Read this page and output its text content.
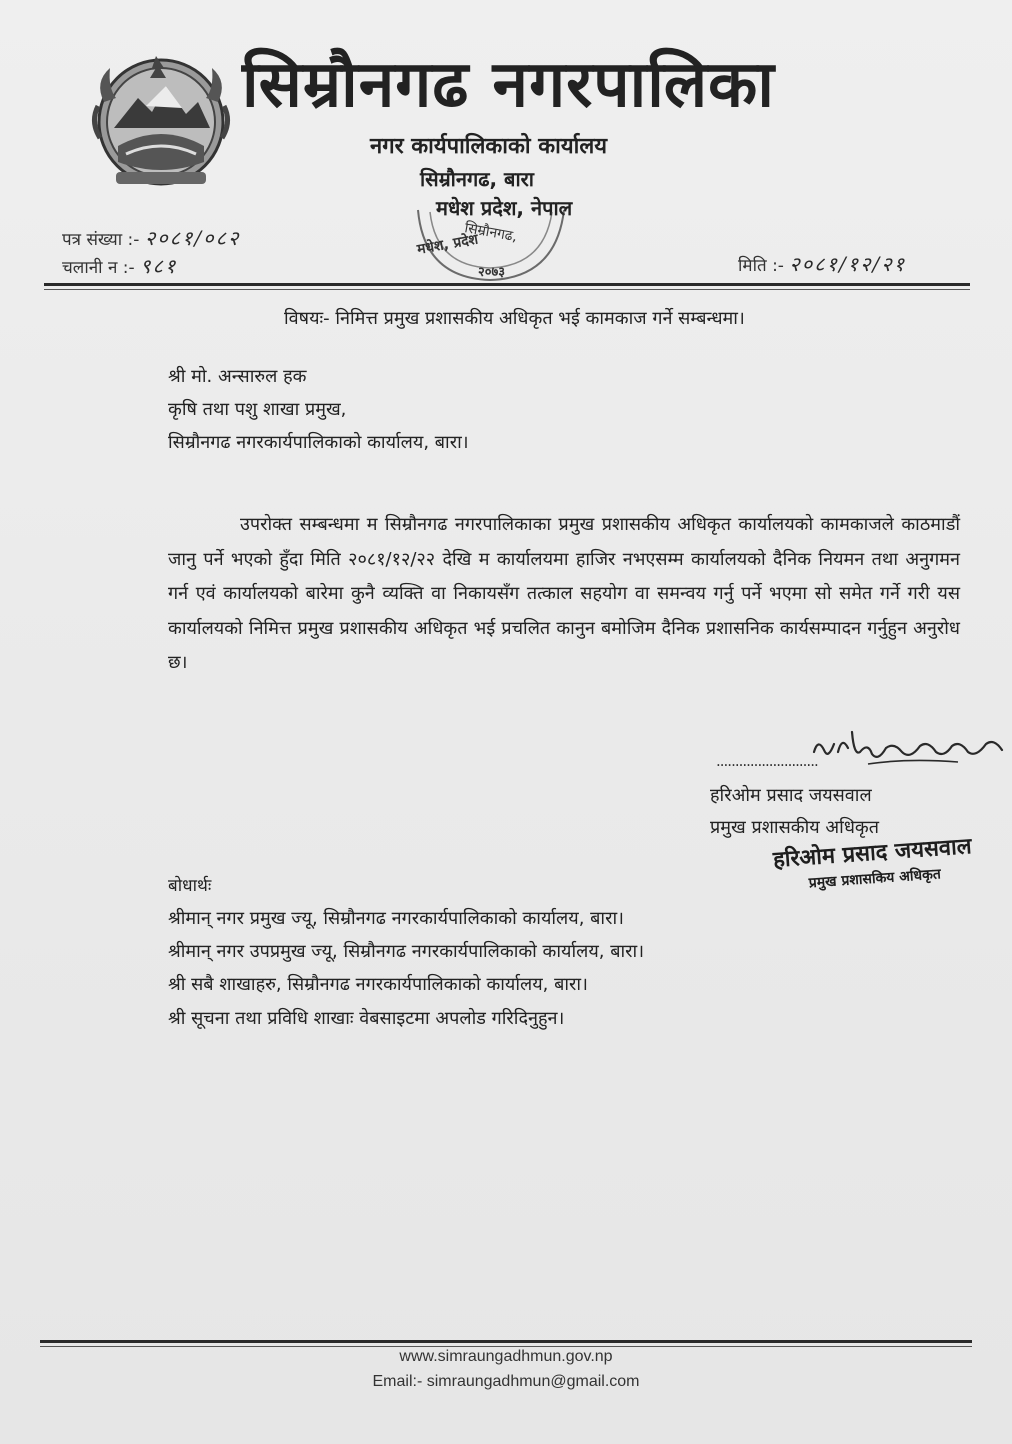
सिम्रौनगढ नगरपालिका
नगर कार्यपालिकाको कार्यालय
सिम्रौनगढ, बारा
मधेश प्रदेश, नेपाल
सिम्रौनगढ,
मधेश, प्रदेश
२०७३
पत्र संख्या :- २०८१/०८२
चलानी न :- ९८१	मिति :- २०८१/१२/२१
विषयः- निमित्त प्रमुख प्रशासकीय अधिकृत भई कामकाज गर्ने सम्बन्धमा।
श्री मो. अन्सारुल हक
कृषि तथा पशु शाखा प्रमुख,
सिम्रौनगढ नगरकार्यपालिकाको कार्यालय, बारा।
उपरोक्त सम्बन्धमा म सिम्रौनगढ नगरपालिकाका प्रमुख प्रशासकीय अधिकृत कार्यालयको कामकाजले काठमाडौं जानु पर्ने भएको हुँदा मिति २०८१/१२/२२ देखि म कार्यालयमा हाजिर नभएसम्म कार्यालयको दैनिक नियमन तथा अनुगमन गर्न एवं कार्यालयको बारेमा कुनै व्यक्ति वा निकायसँग तत्काल सहयोग वा समन्वय गर्नु पर्ने भएमा सो समेत गर्ने गरी यस कार्यालयको निमित्त प्रमुख प्रशासकीय अधिकृत भई प्रचलित कानुन बमोजिम दैनिक प्रशासनिक कार्यसम्पादन गर्नुहुन अनुरोध छ।
...........................
हरिओम प्रसाद जयसवाल
प्रमुख प्रशासकीय अधिकृत
हरिओम प्रसाद जयसवाल
प्रमुख प्रशासकिय अधिकृत
बोधार्थः
श्रीमान् नगर प्रमुख ज्यू, सिम्रौनगढ नगरकार्यपालिकाको कार्यालय, बारा।
श्रीमान् नगर उपप्रमुख ज्यू, सिम्रौनगढ नगरकार्यपालिकाको कार्यालय, बारा।
श्री सबै शाखाहरु, सिम्रौनगढ नगरकार्यपालिकाको कार्यालय, बारा।
श्री सूचना तथा प्रविधि शाखाः वेबसाइटमा अपलोड गरिदिनुहुन।
www.simraungadhmun.gov.np
Email:- simraungadhmun@gmail.com
